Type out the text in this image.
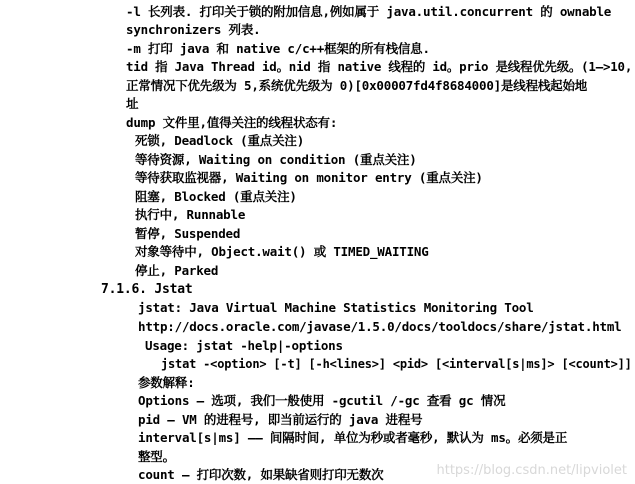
-l 长列表. 打印关于锁的附加信息,例如属于 java.util.concurrent 的 ownable
synchronizers 列表.
-m 打印 java 和 native c/c++框架的所有栈信息.
tid 指 Java Thread id。nid 指 native 线程的 id。prio 是线程优先级。(1—>10,
正常情况下优先级为 5,系统优先级为 0)[0x00007fd4f8684000]是线程栈起始地
址
dump 文件里,值得关注的线程状态有:
死锁, Deadlock (重点关注)
等待资源, Waiting on condition (重点关注)
等待获取监视器, Waiting on monitor entry (重点关注)
阻塞, Blocked (重点关注)
执行中, Runnable
暂停, Suspended
对象等待中, Object.wait() 或 TIMED_WAITING
停止, Parked
7.1.6. Jstat
jstat: Java Virtual Machine Statistics Monitoring Tool
http://docs.oracle.com/javase/1.5.0/docs/tooldocs/share/jstat.html
Usage: jstat -help|-options
jstat -<option> [-t] [-h<lines>] <pid> [<interval[s|ms]> [<count>]]
参数解释:
Options — 选项, 我们一般使用 -gcutil /-gc 查看 gc 情况
pid — VM 的进程号, 即当前运行的 java 进程号
interval[s|ms] —— 间隔时间, 单位为秒或者毫秒, 默认为 ms。必须是正
整型。
count — 打印次数, 如果缺省则打印无数次	https://blog.csdn.net/lipviolet
